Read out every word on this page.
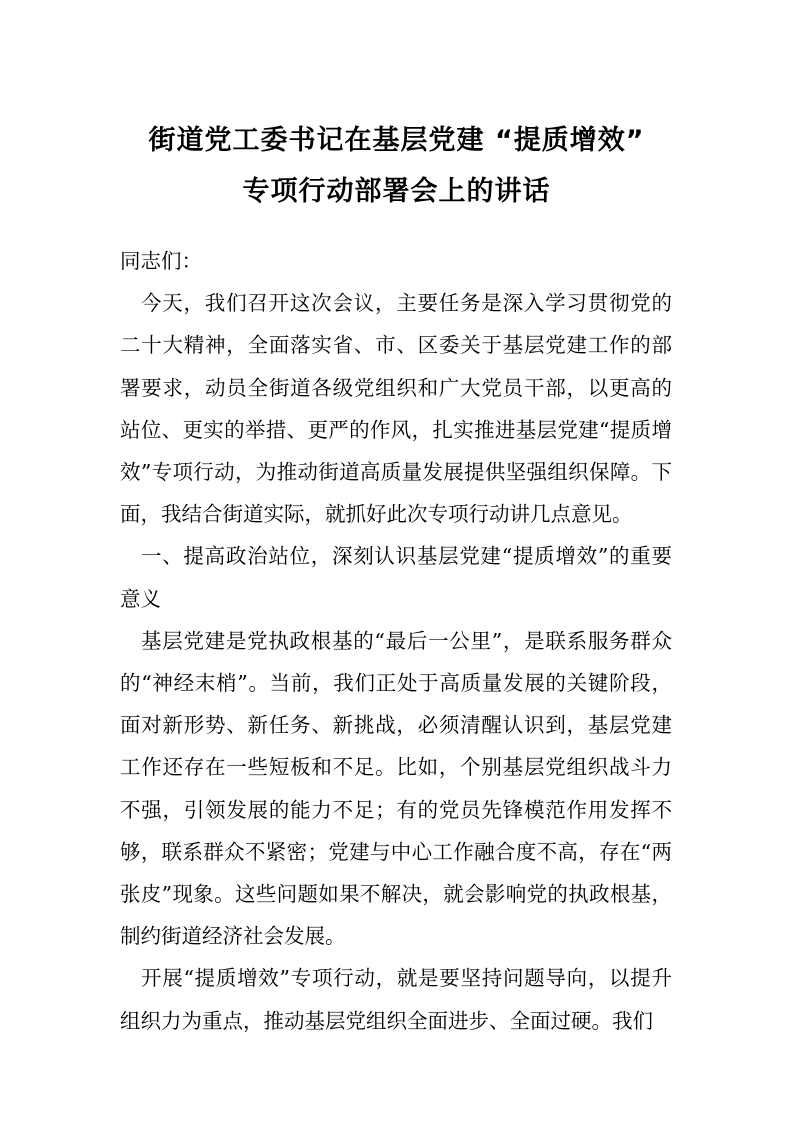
街道党工委书记在基层党建 “提质增效”
专项行动部署会上的讲话

同志们：

今天，我们召开这次会议，主要任务是深入学习贯彻党的二十大精神，全面落实省、市、区委关于基层党建工作的部署要求，动员全街道各级党组织和广大党员干部，以更高的站位、更实的举措、更严的作风，扎实推进基层党建“提质增效”专项行动，为推动街道高质量发展提供坚强组织保障。下面，我结合街道实际，就抓好此次专项行动讲几点意见。

一、提高政治站位，深刻认识基层党建“提质增效”的重要意义

基层党建是党执政根基的“最后一公里”，是联系服务群众的“神经末梢”。当前，我们正处于高质量发展的关键阶段，面对新形势、新任务、新挑战，必须清醒认识到，基层党建工作还存在一些短板和不足。比如，个别基层党组织战斗力不强，引领发展的能力不足；有的党员先锋模范作用发挥不够，联系群众不紧密；党建与中心工作融合度不高，存在“两张皮”现象。这些问题如果不解决，就会影响党的执政根基，制约街道经济社会发展。

开展“提质增效”专项行动，就是要坚持问题导向，以提升组织力为重点，推动基层党组织全面进步、全面过硬。我们
